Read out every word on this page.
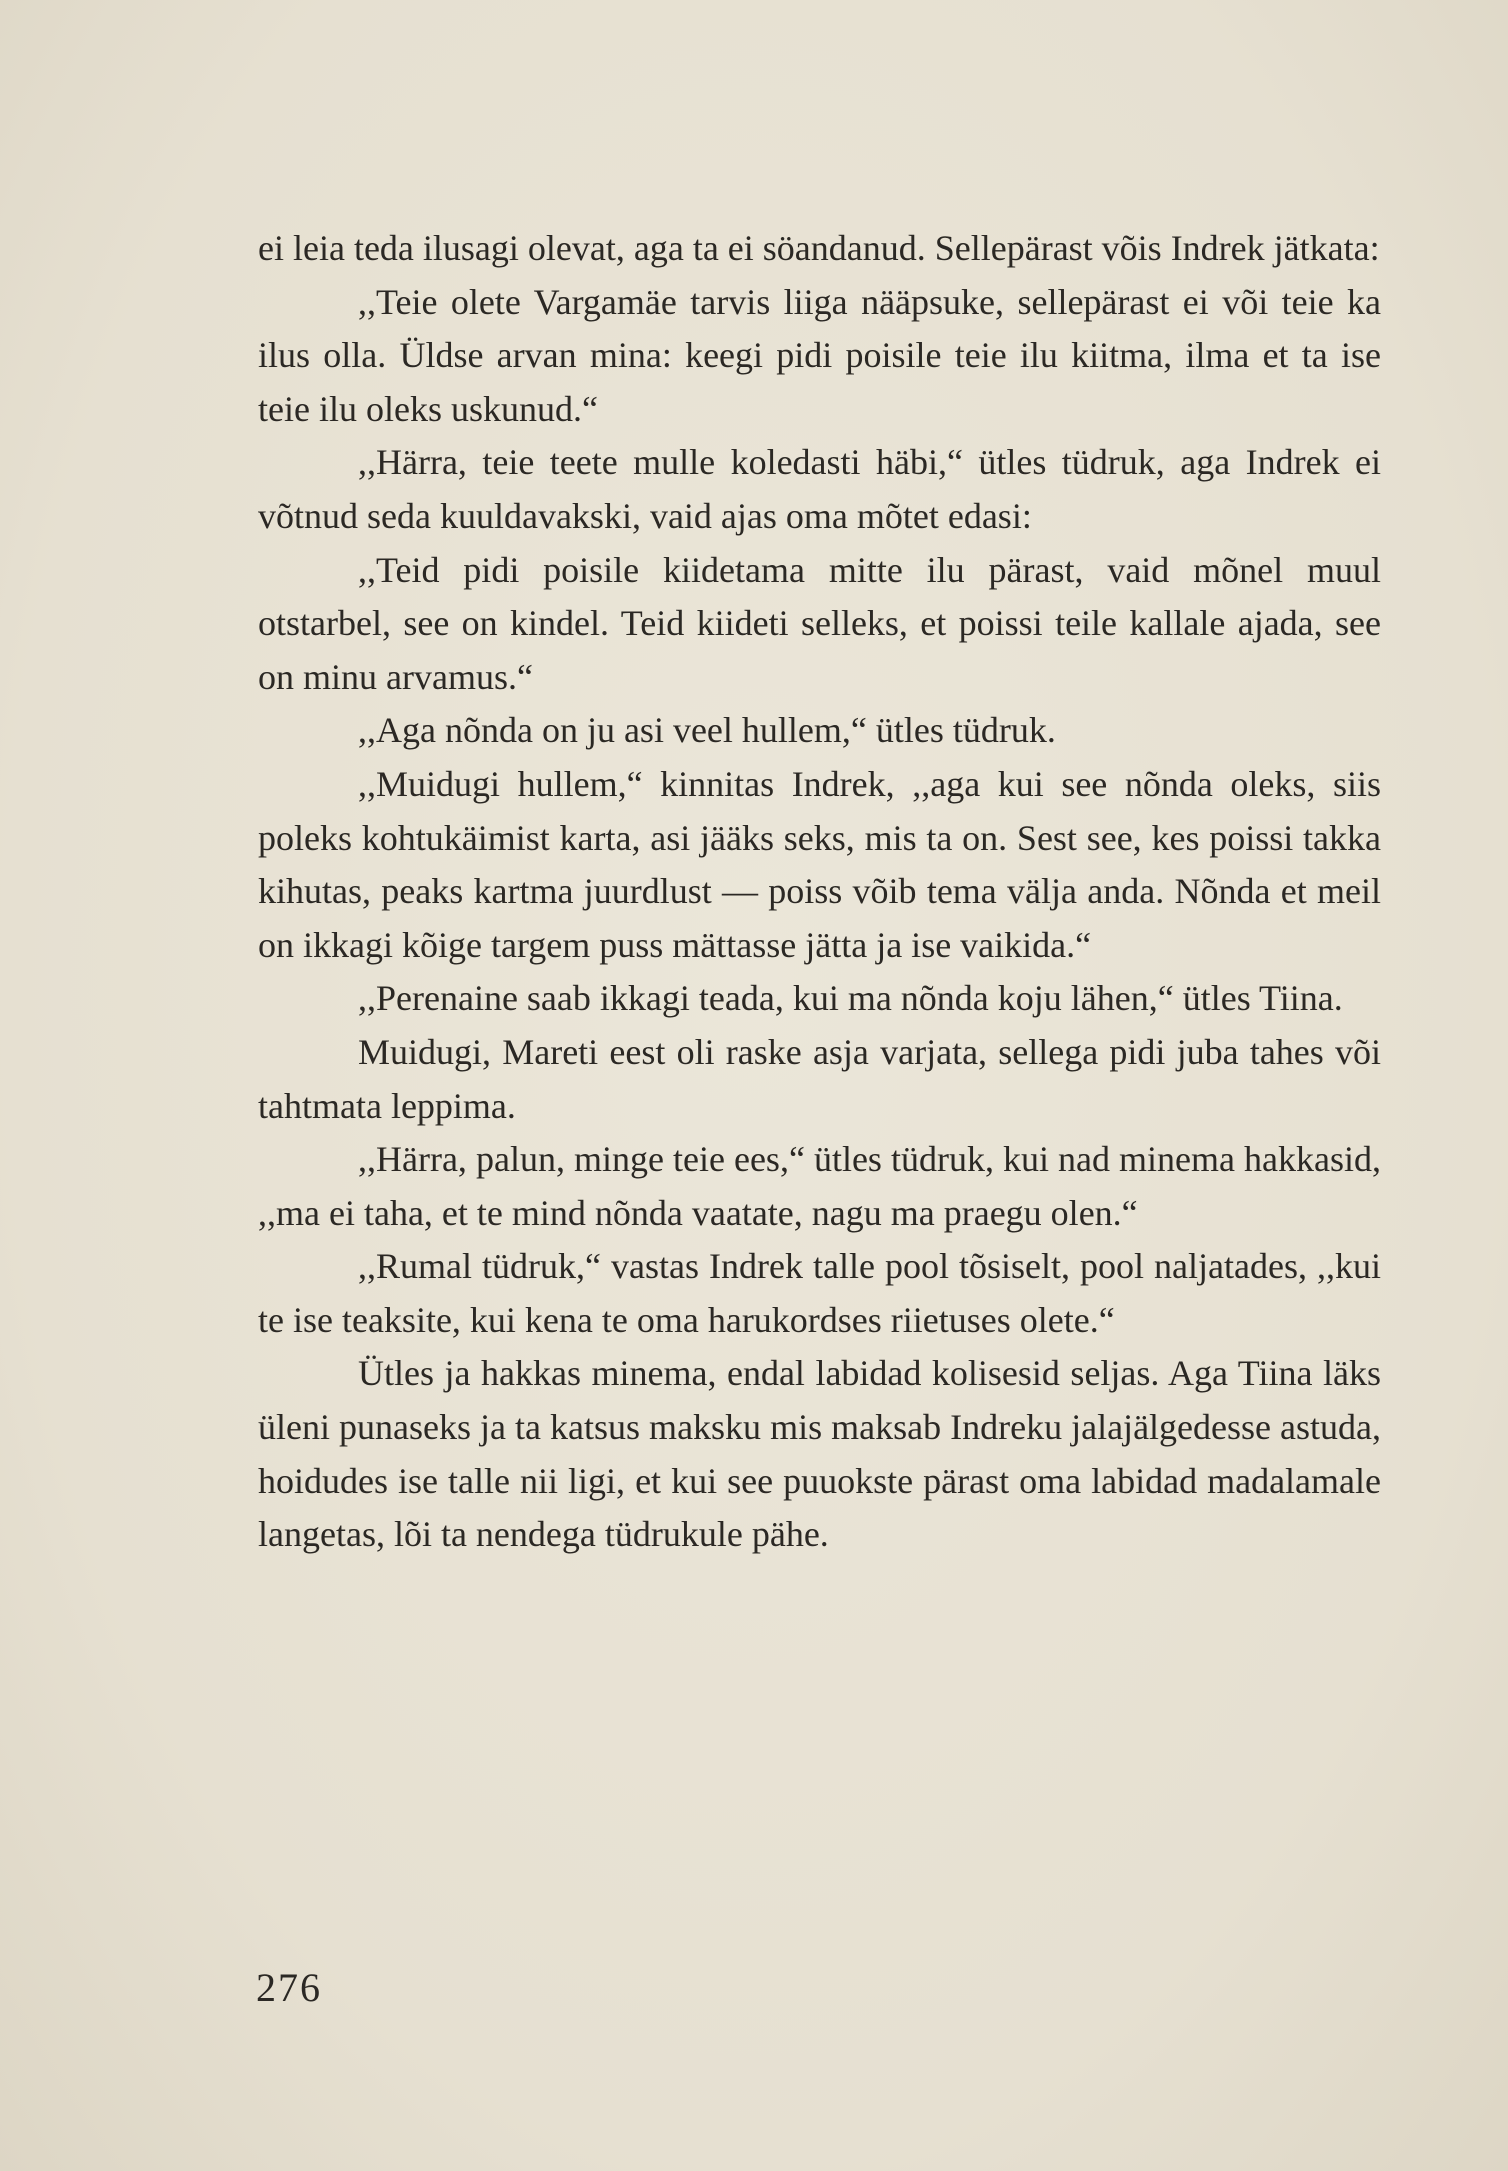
ei leia teda ilusagi olevat, aga ta ei söandanud. Sellepärast võis Indrek jätkata:

,,Teie olete Vargamäe tarvis liiga nääpsuke, sellepärast ei või teie ka ilus olla. Üldse arvan mina: keegi pidi poisile teie ilu kiitma, ilma et ta ise teie ilu oleks uskunud.“

,,Härra, teie teete mulle koledasti häbi,“ ütles tüdruk, aga Indrek ei võtnud seda kuuldavakski, vaid ajas oma mõtet edasi:

,,Teid pidi poisile kiidetama mitte ilu pärast, vaid mõnel muul otstarbel, see on kindel. Teid kiideti selleks, et poissi teile kallale ajada, see on minu arvamus.“

,,Aga nõnda on ju asi veel hullem,“ ütles tüdruk.

,,Muidugi hullem,“ kinnitas Indrek, ,,aga kui see nõnda oleks, siis poleks kohtukäimist karta, asi jääks seks, mis ta on. Sest see, kes poissi takka kihutas, peaks kartma juurdlust — poiss võib tema välja anda. Nõnda et meil on ikkagi kõige targem puss mättasse jätta ja ise vaikida.“

,,Perenaine saab ikkagi teada, kui ma nõnda koju lähen,“ ütles Tiina.

Muidugi, Mareti eest oli raske asja varjata, sellega pidi juba tahes või tahtmata leppima.

,,Härra, palun, minge teie ees,“ ütles tüdruk, kui nad minema hakkasid, ,,ma ei taha, et te mind nõnda vaatate, nagu ma praegu olen.“

,,Rumal tüdruk,“ vastas Indrek talle pool tõsiselt, pool naljatades, ,,kui te ise teaksite, kui kena te oma harukordses riietuses olete.“

Ütles ja hakkas minema, endal labidad kolisesid seljas. Aga Tiina läks üleni punaseks ja ta katsus maksku mis maksab Indreku jalajälgedesse astuda, hoidudes ise talle nii ligi, et kui see puuokste pärast oma labidad madalamale langetas, lõi ta nendega tüdrukule pähe.

276
